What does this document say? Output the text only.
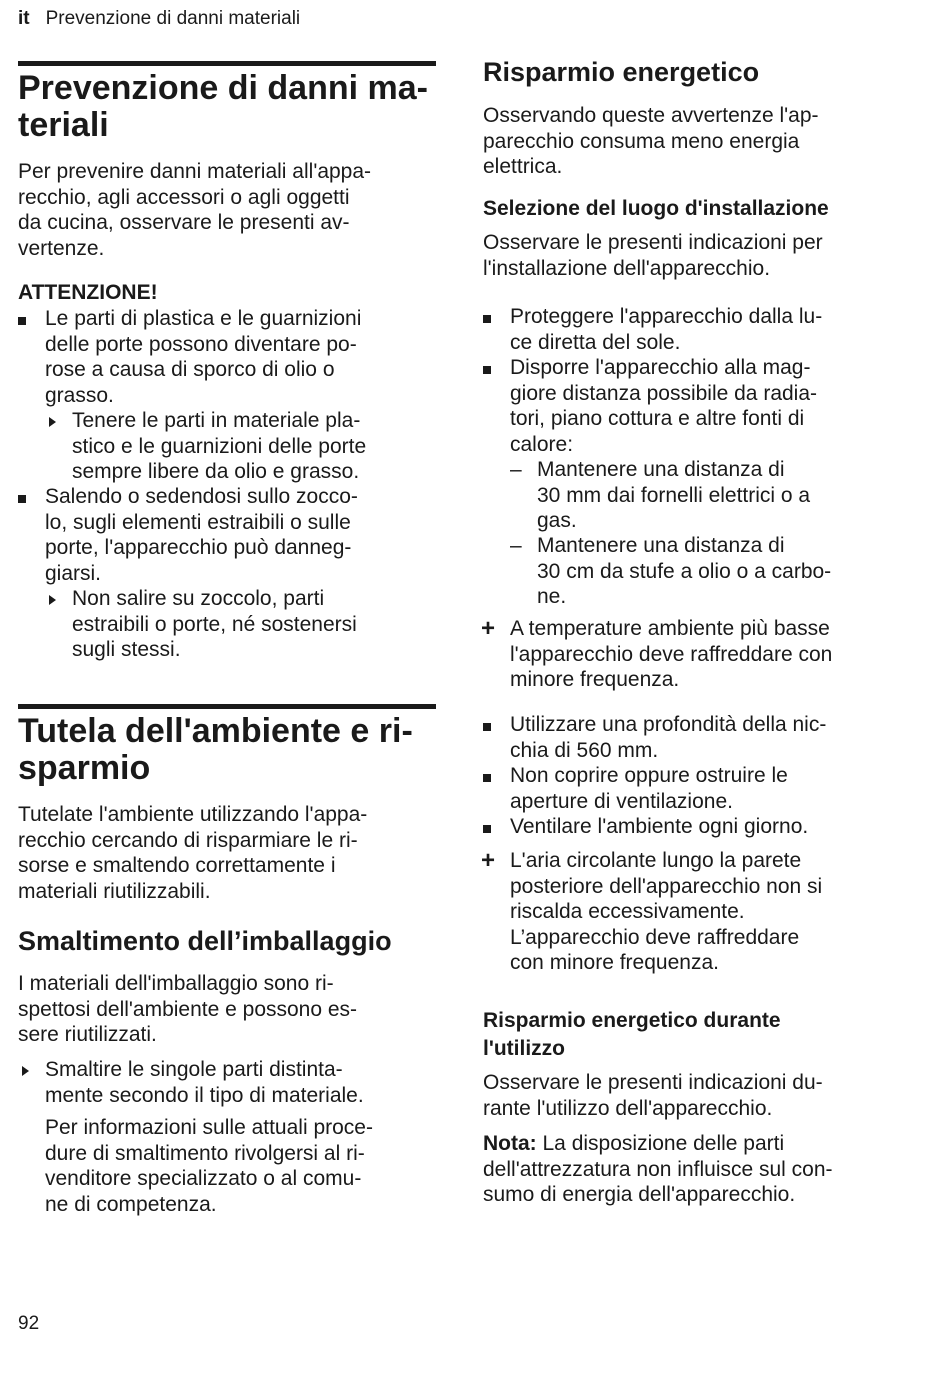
it Prevenzione di danni materiali
Prevenzione di danni ma-
teriali
Per prevenire danni materiali all'appa-
recchio, agli accessori o agli oggetti
da cucina, osservare le presenti av-
vertenze.
ATTENZIONE!
Le parti di plastica e le guarnizioni
delle porte possono diventare po-
rose a causa di sporco di olio o
grasso.
Tenere le parti in materiale pla-
stico e le guarnizioni delle porte
sempre libere da olio e grasso.
Salendo o sedendosi sullo zocco-
lo, sugli elementi estraibili o sulle
porte, l'apparecchio può danneg-
giarsi.
Non salire su zoccolo, parti
estraibili o porte, né sostenersi
sugli stessi.
Tutela dell'ambiente e ri-
sparmio
Tutelate l'ambiente utilizzando l'appa-
recchio cercando di risparmiare le ri-
sorse e smaltendo correttamente i
materiali riutilizzabili.
Smaltimento dell’imballaggio
I materiali dell'imballaggio sono ri-
spettosi dell'ambiente e possono es-
sere riutilizzati.
Smaltire le singole parti distinta-
mente secondo il tipo di materiale.
Per informazioni sulle attuali proce-
dure di smaltimento rivolgersi al ri-
venditore specializzato o al comu-
ne di competenza.
Risparmio energetico
Osservando queste avvertenze l'ap-
parecchio consuma meno energia
elettrica.
Selezione del luogo d'installazione
Osservare le presenti indicazioni per
l'installazione dell'apparecchio.
Proteggere l'apparecchio dalla lu-
ce diretta del sole.
Disporre l'apparecchio alla mag-
giore distanza possibile da radia-
tori, piano cottura e altre fonti di
calore:
– Mantenere una distanza di
30 mm dai fornelli elettrici o a
gas.
– Mantenere una distanza di
30 cm da stufe a olio o a carbo-
ne.
+ A temperature ambiente più basse
l'apparecchio deve raffreddare con
minore frequenza.
Utilizzare una profondità della nic-
chia di 560 mm.
Non coprire oppure ostruire le
aperture di ventilazione.
Ventilare l'ambiente ogni giorno.
+ L'aria circolante lungo la parete
posteriore dell'apparecchio non si
riscalda eccessivamente.
L’apparecchio deve raffreddare
con minore frequenza.
Risparmio energetico durante
l'utilizzo
Osservare le presenti indicazioni du-
rante l'utilizzo dell'apparecchio.
Nota: La disposizione delle parti
dell'attrezzatura non influisce sul con-
sumo di energia dell'apparecchio.
92
